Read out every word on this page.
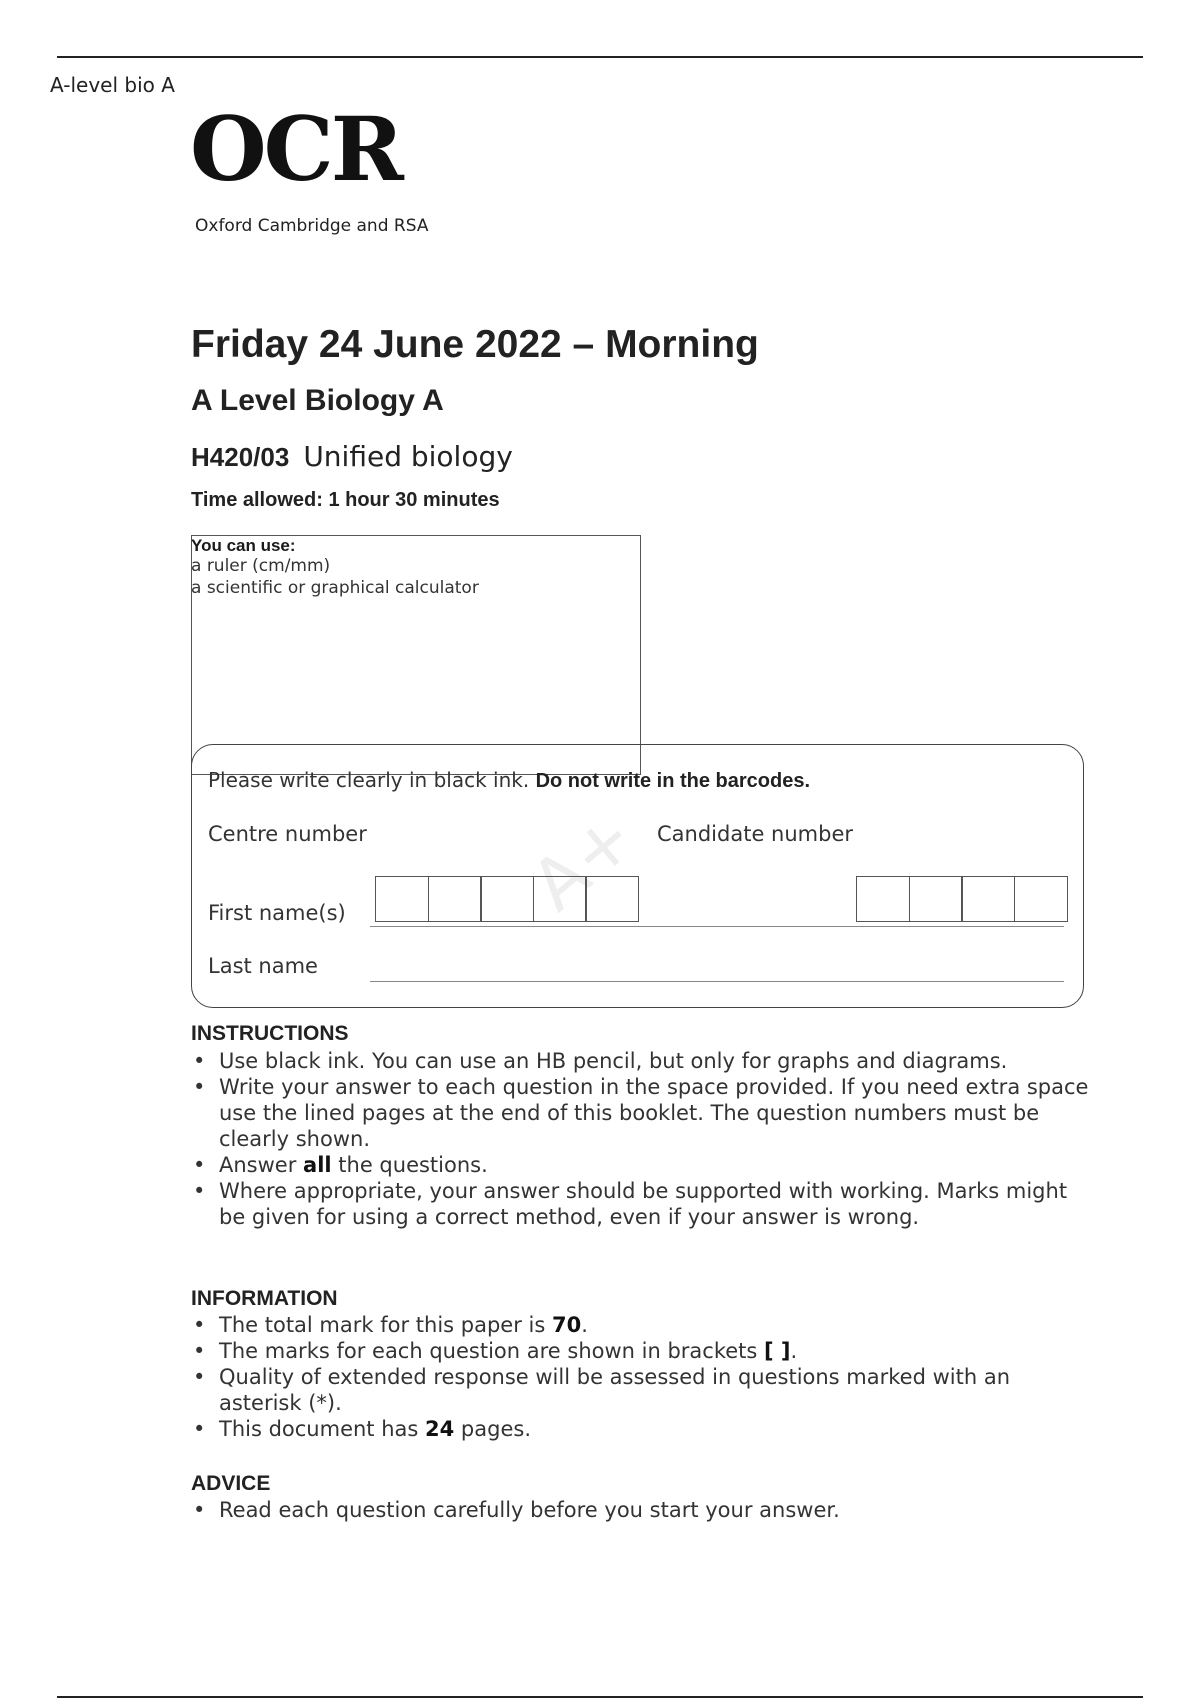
A-level bio A
OCR
Oxford Cambridge and RSA
Friday 24 June 2022 – Morning
A Level Biology A
H420/03 Unified biology
Time allowed: 1 hour 30 minutes
You can use:
a ruler (cm/mm)
a scientific or graphical calculator
Please write clearly in black ink. Do not write in the barcodes.
A+
Centre number	Candidate number
First name(s)
Last name
INSTRUCTIONS
• Use black ink. You can use an HB pencil, but only for graphs and diagrams.
• Write your answer to each question in the space provided. If you need extra space use the lined pages at the end of this booklet. The question numbers must be clearly shown.
• Answer all the questions.
• Where appropriate, your answer should be supported with working. Marks might be given for using a correct method, even if your answer is wrong.
INFORMATION
• The total mark for this paper is 70.
• The marks for each question are shown in brackets [ ].
• Quality of extended response will be assessed in questions marked with an asterisk (*).
• This document has 24 pages.
ADVICE
• Read each question carefully before you start your answer.
